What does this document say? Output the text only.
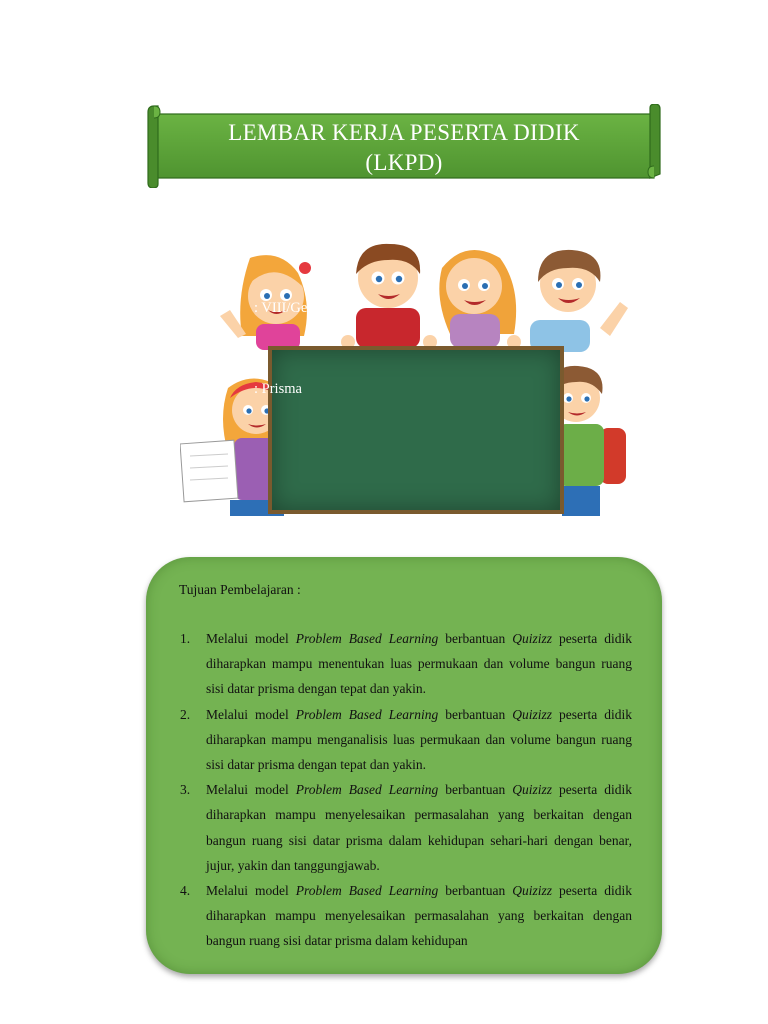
LEMBAR KERJA PESERTA DIDIK
(LKPD)

Mata Pelajaran : Matematika

Kelas/Semester : VIII/Genap

Materi Pokok	: Prisma

Tujuan Pembelajaran :
1. Melalui model Problem Based Learning berbantuan Quizizz peserta didik diharapkan mampu menentukan luas permukaan dan volume bangun ruang sisi datar prisma dengan tepat dan yakin.
2. Melalui model Problem Based Learning berbantuan Quizizz peserta didik diharapkan mampu menganalisis luas permukaan dan volume bangun ruang sisi datar prisma dengan tepat dan yakin.
3. Melalui model Problem Based Learning berbantuan Quizizz peserta didik diharapkan mampu menyelesaikan permasalahan yang berkaitan dengan bangun ruang sisi datar prisma dalam kehidupan sehari-hari dengan benar, jujur, yakin dan tanggungjawab.
4. Melalui model Problem Based Learning berbantuan Quizizz peserta didik diharapkan mampu menyelesaikan permasalahan yang berkaitan dengan bangun ruang sisi datar prisma dalam kehidupan
